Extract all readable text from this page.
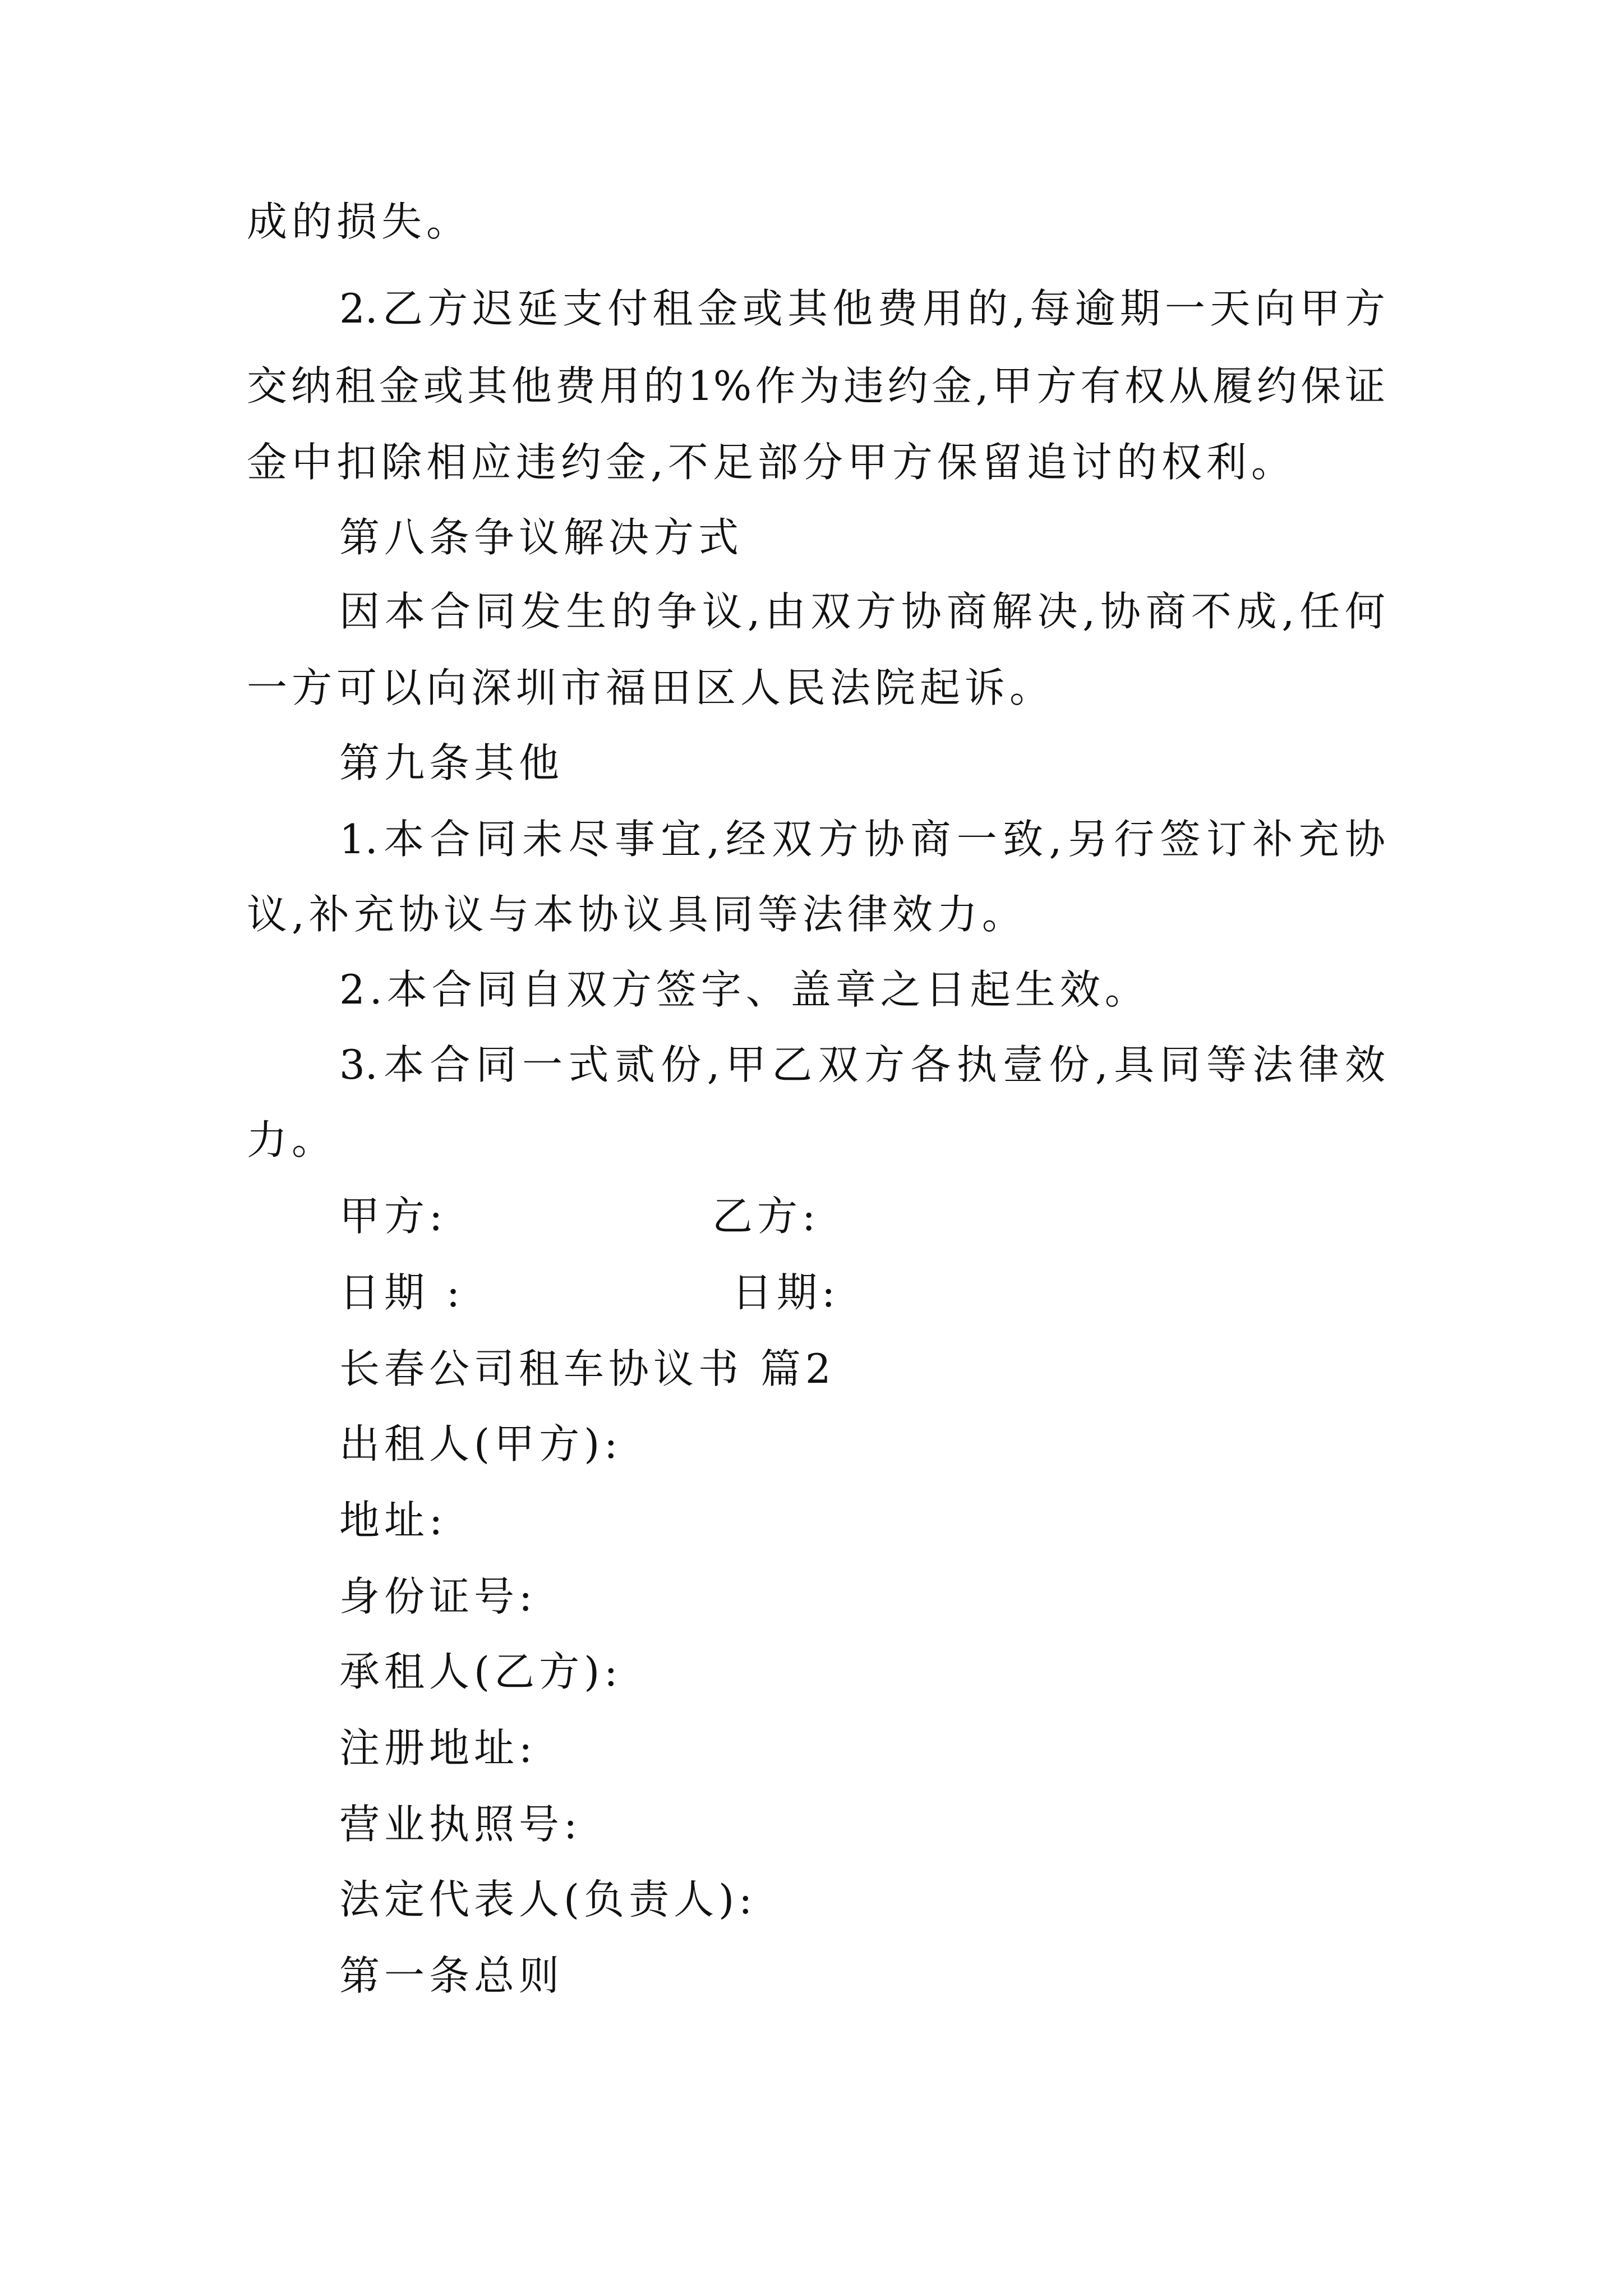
成的损失。
2.乙方迟延支付租金或其他费用的,每逾期一天向甲方
交纳租金或其他费用的1%作为违约金,甲方有权从履约保证
金中扣除相应违约金,不足部分甲方保留追讨的权利。
第八条争议解决方式
因本合同发生的争议,由双方协商解决,协商不成,任何
一方可以向深圳市福田区人民法院起诉。
第九条其他
1.本合同未尽事宜,经双方协商一致,另行签订补充协
议,补充协议与本协议具同等法律效力。
2.本合同自双方签字、盖章之日起生效。
3.本合同一式贰份,甲乙双方各执壹份,具同等法律效
力。
甲方:	乙方:
日期 :	日期:
长春公司租车协议书 篇2
出租人(甲方):
地址:
身份证号:
承租人(乙方):
注册地址:
营业执照号:
法定代表人(负责人):
第一条总则
